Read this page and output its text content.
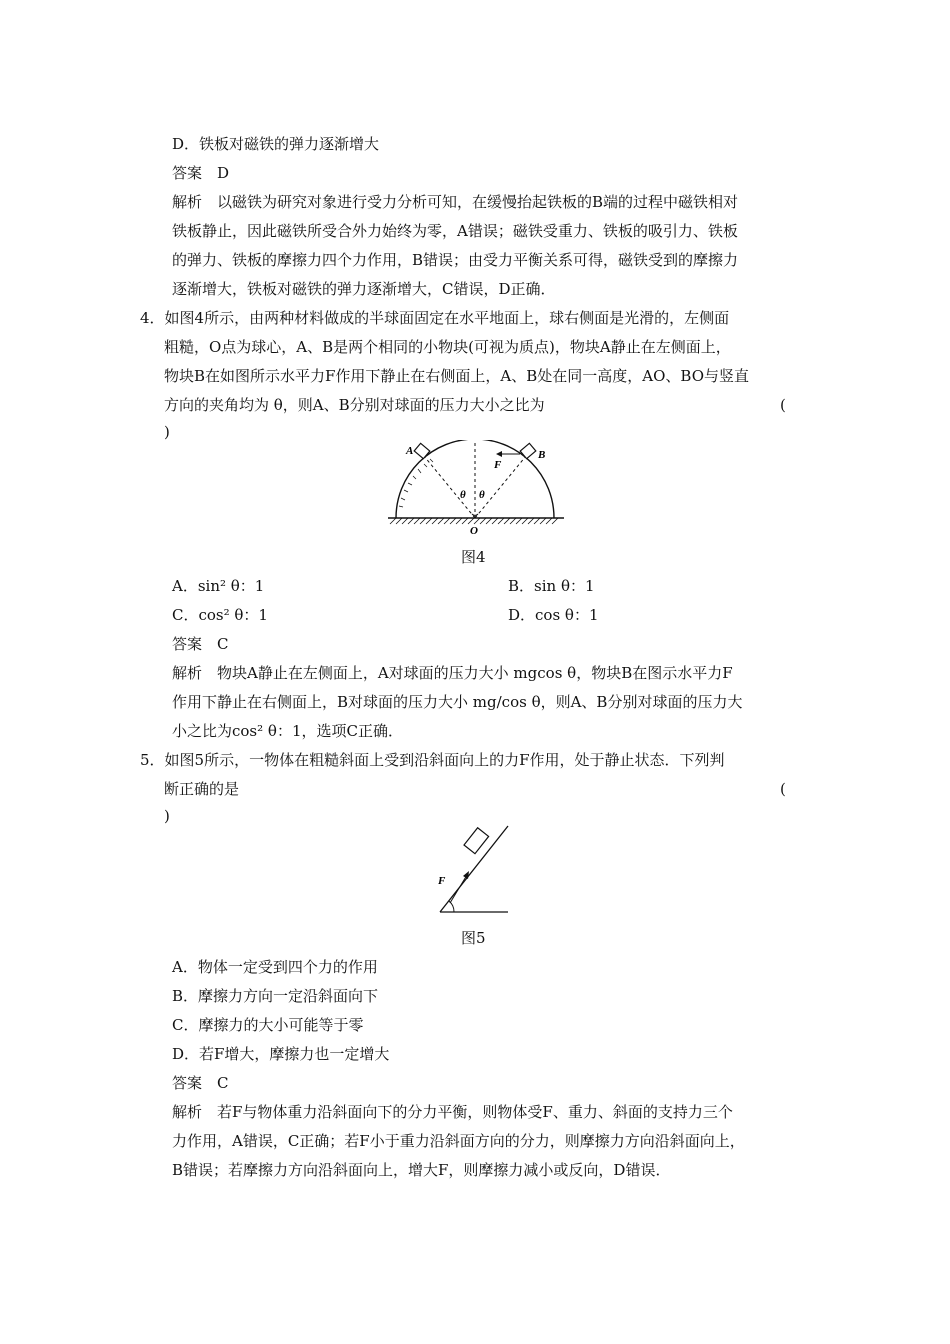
D．铁板对磁铁的弹力逐渐增大
答案　D
解析　以磁铁为研究对象进行受力分析可知，在缓慢抬起铁板的B端的过程中磁铁相对
铁板静止，因此磁铁所受合外力始终为零，A错误；磁铁受重力、铁板的吸引力、铁板
的弹力、铁板的摩擦力四个力作用，B错误；由受力平衡关系可得，磁铁受到的摩擦力
逐渐增大，铁板对磁铁的弹力逐渐增大，C错误，D正确．
4．如图4所示，由两种材料做成的半球面固定在水平地面上，球右侧面是光滑的，左侧面
粗糙，O点为球心，A、B是两个相同的小物块(可视为质点)，物块A静止在左侧面上，
物块B在如图所示水平力F作用下静止在右侧面上，A、B处在同一高度，AO、BO与竖直
方向的夹角均为 θ，则A、B分别对球面的压力大小之比为	(
)
A	B
F
θ θ
O
图4
A．sin² θ：1	B．sin θ：1
C．cos² θ：1	D．cos θ：1
答案　C
解析　物块A静止在左侧面上，A对球面的压力大小 mgcos θ，物块B在图示水平力F
作用下静止在右侧面上，B对球面的压力大小 mg/cos θ，则A、B分别对球面的压力大
小之比为cos² θ：1，选项C正确．
5．如图5所示，一物体在粗糙斜面上受到沿斜面向上的力F作用，处于静止状态．下列判
断正确的是	(
)
F
图5
A．物体一定受到四个力的作用
B．摩擦力方向一定沿斜面向下
C．摩擦力的大小可能等于零
D．若F增大，摩擦力也一定增大
答案　C
解析　若F与物体重力沿斜面向下的分力平衡，则物体受F、重力、斜面的支持力三个
力作用，A错误，C正确；若F小于重力沿斜面方向的分力，则摩擦力方向沿斜面向上，
B错误；若摩擦力方向沿斜面向上，增大F，则摩擦力减小或反向，D错误．
